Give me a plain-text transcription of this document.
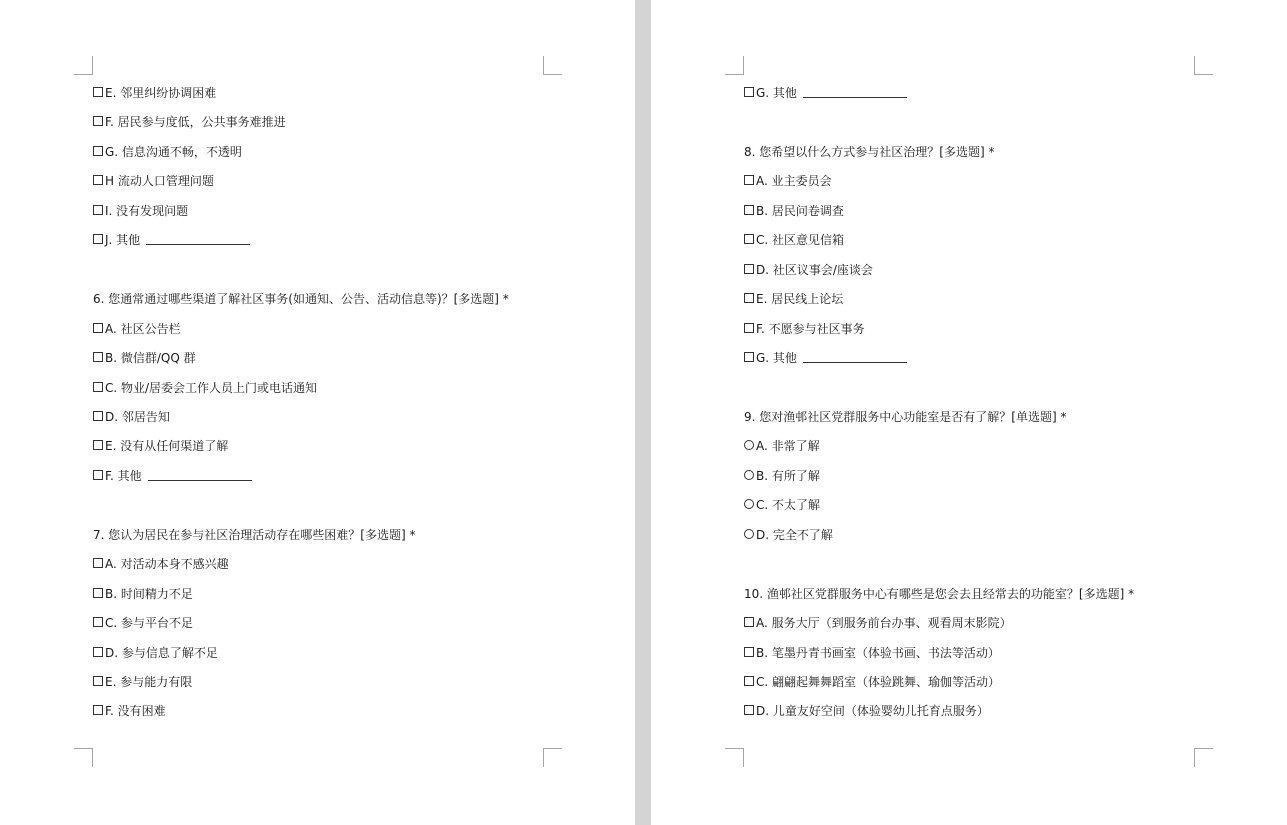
E. 邻里纠纷协调困难
F. 居民参与度低，公共事务难推进
G. 信息沟通不畅，不透明
H 流动人口管理问题
I. 没有发现问题
J. 其他
6. 您通常通过哪些渠道了解社区事务(如通知、公告、活动信息等)？[多选题] *
A. 社区公告栏
B. 微信群/QQ 群
C. 物业/居委会工作人员上门或电话通知
D. 邻居告知
E. 没有从任何渠道了解
F. 其他
7. 您认为居民在参与社区治理活动存在哪些困难？[多选题] *
A. 对活动本身不感兴趣
B. 时间精力不足
C. 参与平台不足
D. 参与信息了解不足
E. 参与能力有限
F. 没有困难
G. 其他
8. 您希望以什么方式参与社区治理？[多选题] *
A. 业主委员会
B. 居民问卷调查
C. 社区意见信箱
D. 社区议事会/座谈会
E. 居民线上论坛
F. 不愿参与社区事务
G. 其他
9. 您对渔邨社区党群服务中心功能室是否有了解？[单选题] *
A. 非常了解
B. 有所了解
C. 不太了解
D. 完全不了解
10. 渔邨社区党群服务中心有哪些是您会去且经常去的功能室？[多选题] *
A. 服务大厅（到服务前台办事、观看周末影院）
B. 笔墨丹青书画室（体验书画、书法等活动）
C. 翩翩起舞舞蹈室（体验跳舞、瑜伽等活动）
D. 儿童友好空间（体验婴幼儿托育点服务）
